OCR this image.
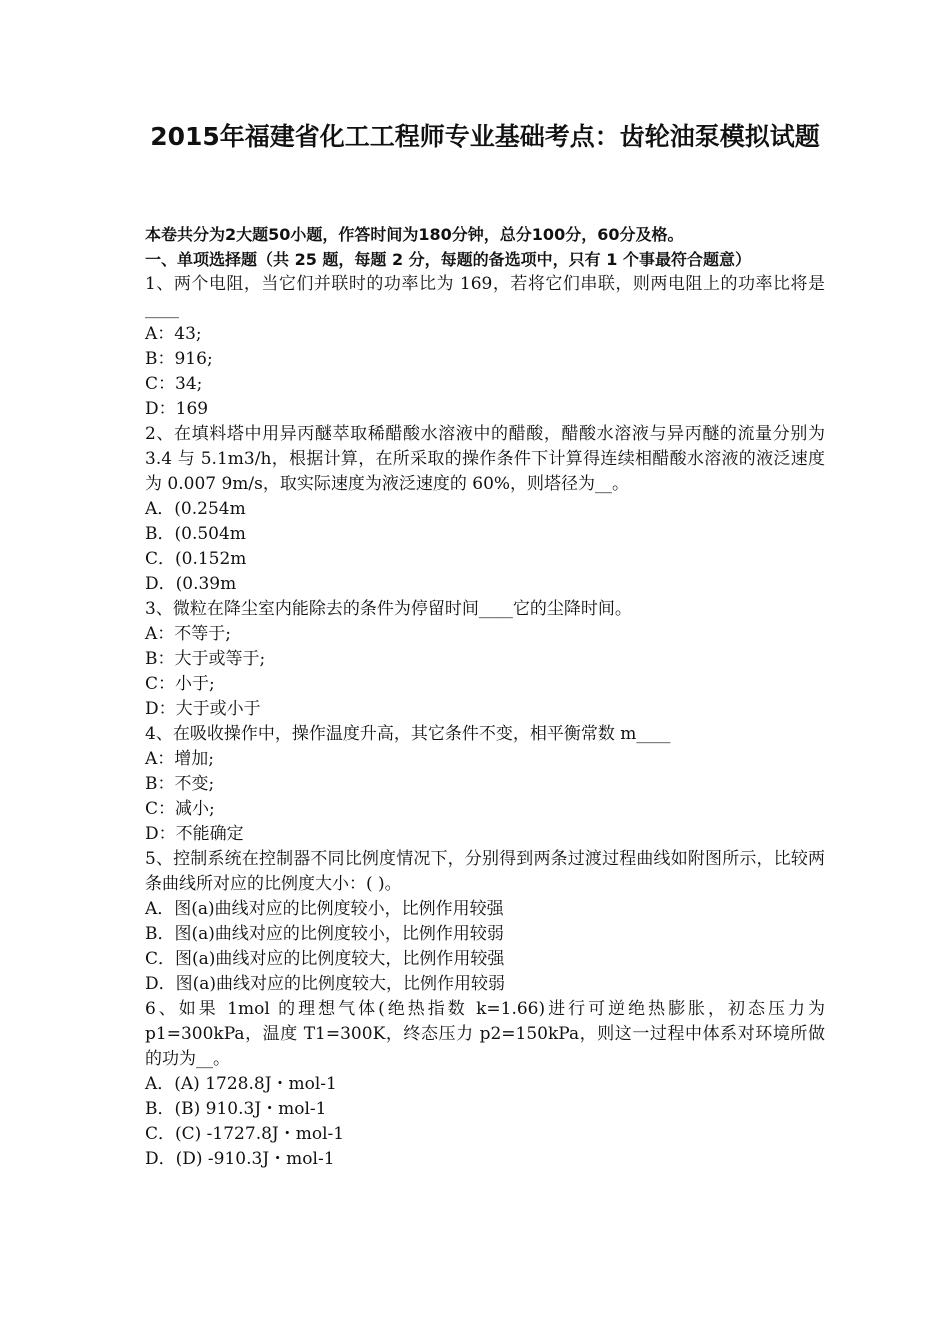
2015年福建省化工工程师专业基础考点：齿轮油泵模拟试题
本卷共分为2大题50小题，作答时间为180分钟，总分100分，60分及格。
一、单项选择题（共 25 题，每题 2 分，每题的备选项中，只有 1 个事最符合题意）
1、两个电阻，当它们并联时的功率比为 169，若将它们串联，则两电阻上的功率比将是____
A：43;
B：916;
C：34;
D：169
2、在填料塔中用异丙醚萃取稀醋酸水溶液中的醋酸，醋酸水溶液与异丙醚的流量分别为 3.4 与 5.1m3/h，根据计算，在所采取的操作条件下计算得连续相醋酸水溶液的液泛速度为 0.007 9m/s，取实际速度为液泛速度的 60%，则塔径为__。
A．(0.254m
B．(0.504m
C．(0.152m
D．(0.39m
3、微粒在降尘室内能除去的条件为停留时间____它的尘降时间。
A：不等于;
B：大于或等于;
C：小于;
D：大于或小于
4、在吸收操作中，操作温度升高，其它条件不变，相平衡常数 m____
A：增加;
B：不变;
C：减小;
D：不能确定
5、控制系统在控制器不同比例度情况下，分别得到两条过渡过程曲线如附图所示，比较两条曲线所对应的比例度大小：( )。
A．图(a)曲线对应的比例度较小，比例作用较强
B．图(a)曲线对应的比例度较小，比例作用较弱
C．图(a)曲线对应的比例度较大，比例作用较强
D．图(a)曲线对应的比例度较大，比例作用较弱
6、如果 1mol 的理想气体(绝热指数 k=1.66)进行可逆绝热膨胀，初态压力为 p1=300kPa，温度 T1=300K，终态压力 p2=150kPa，则这一过程中体系对环境所做的功为__。
A．(A) 1728.8J・mol-1
B．(B) 910.3J・mol-1
C．(C) -1727.8J・mol-1
D．(D) -910.3J・mol-1
